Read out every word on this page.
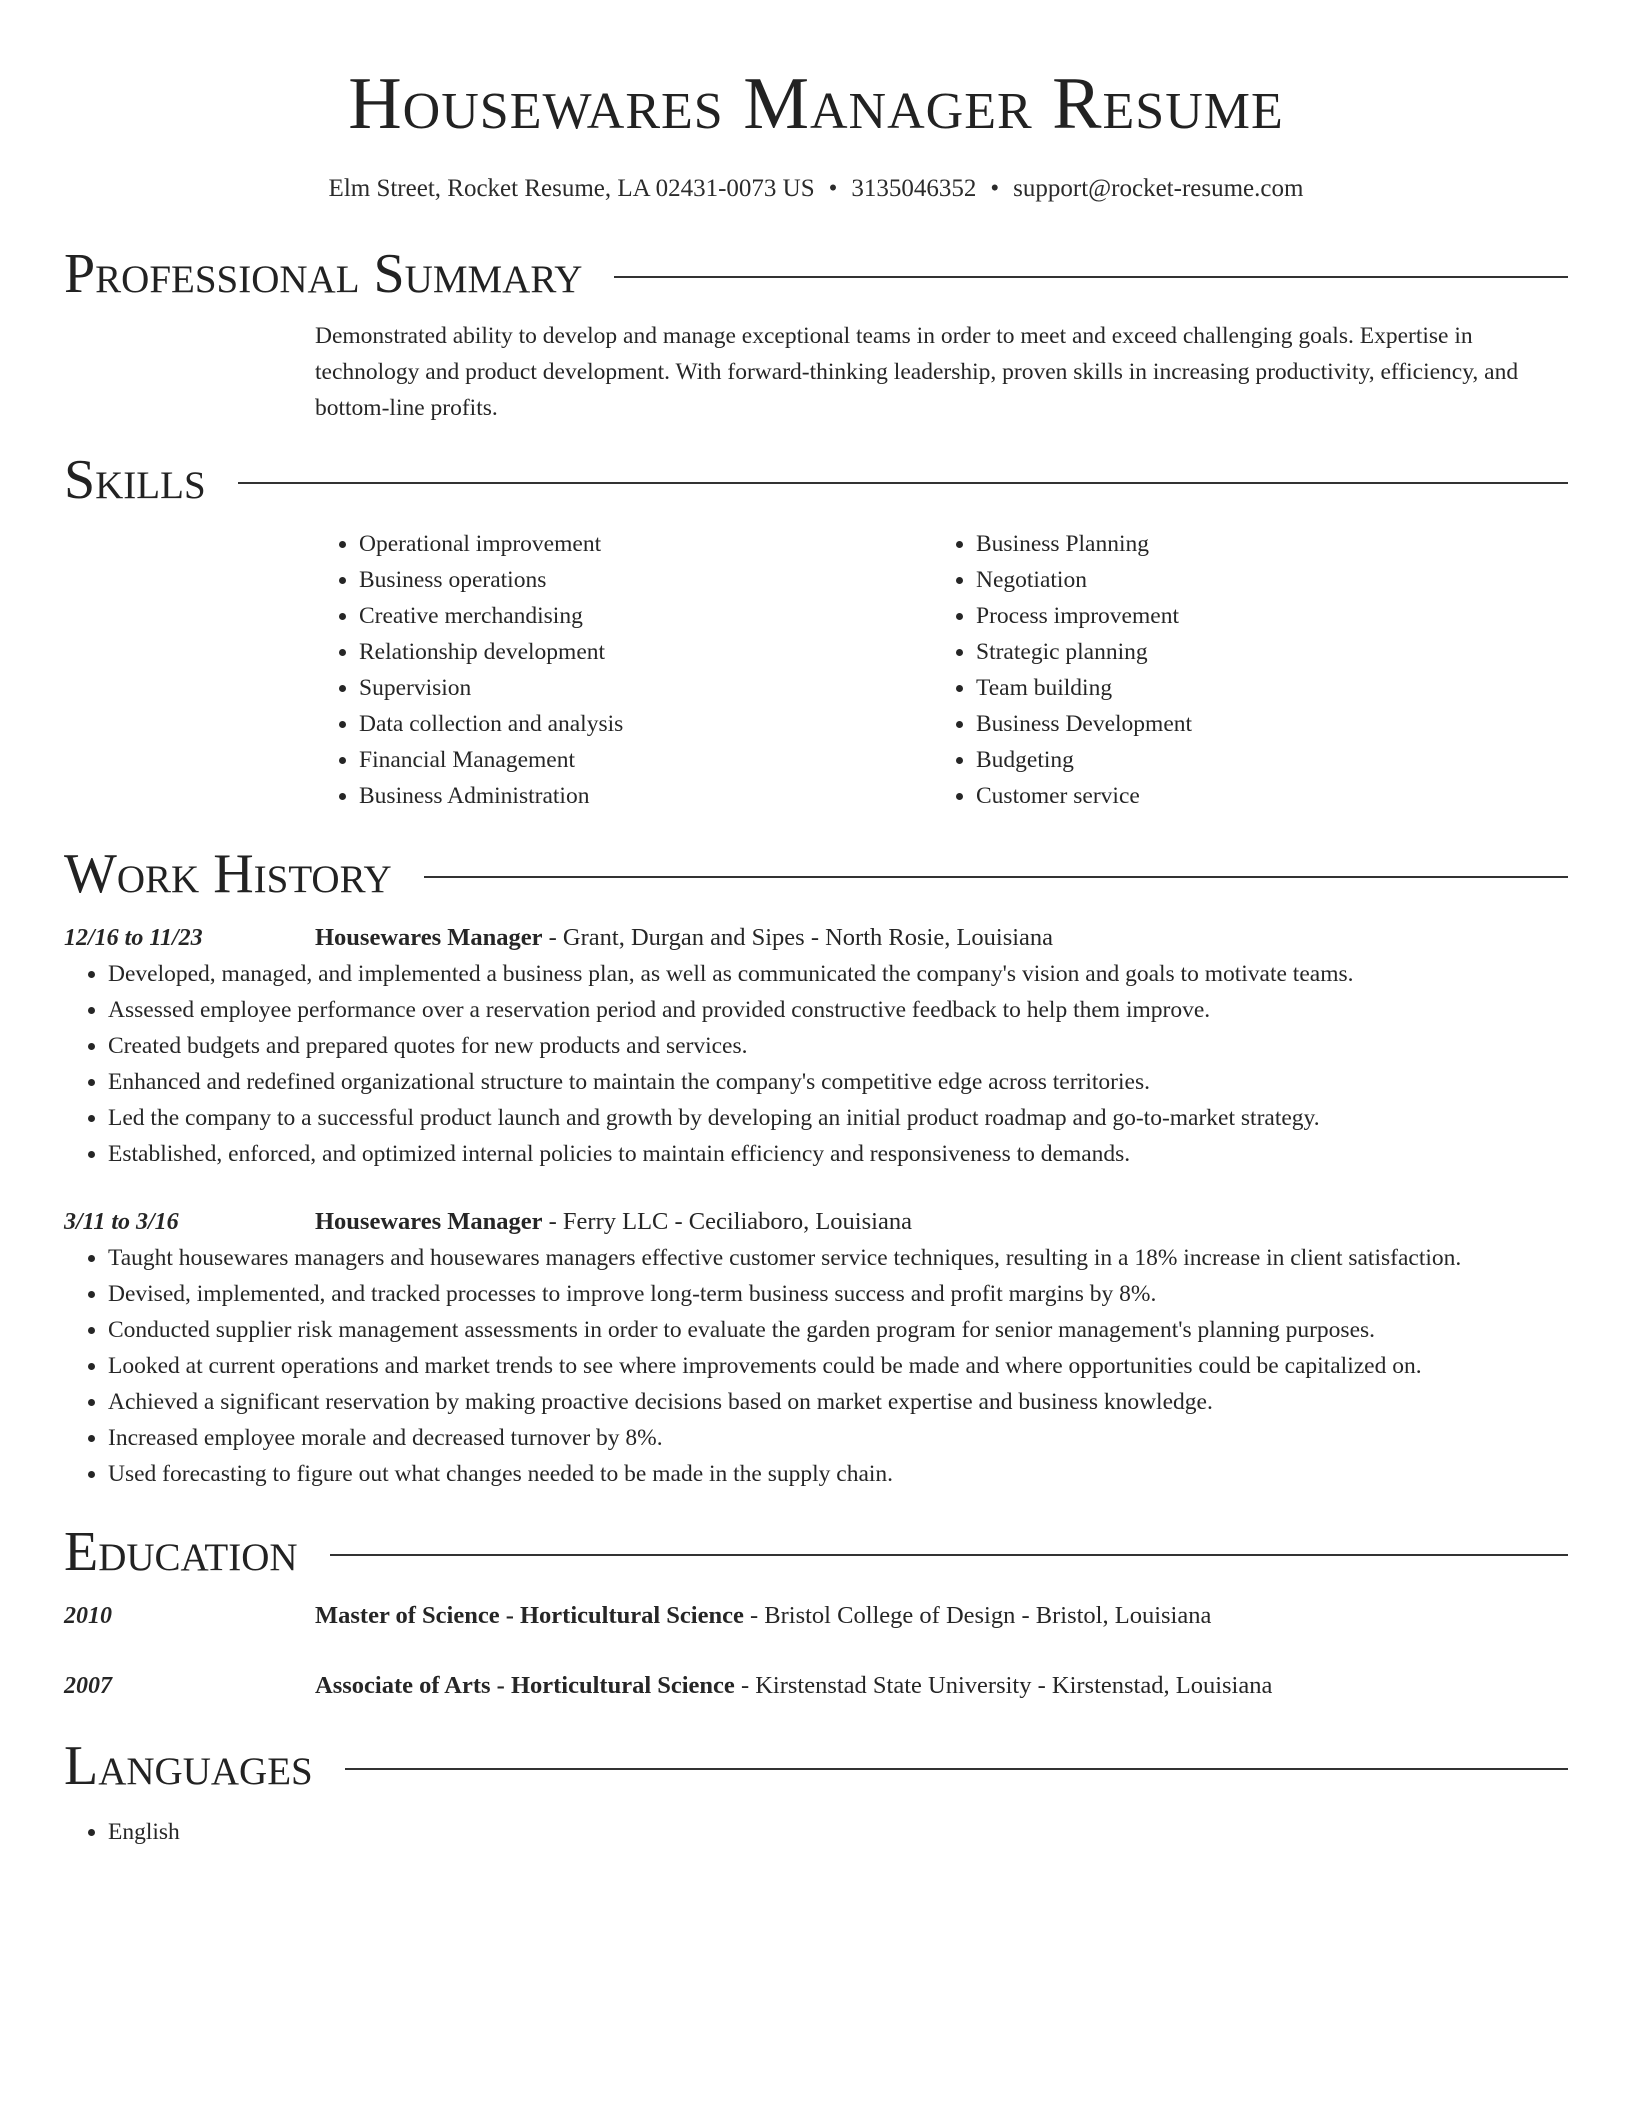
Housewares Manager Resume
Elm Street, Rocket Resume, LA 02431-0073 US • 3135046352 • support@rocket-resume.com
Professional Summary
Demonstrated ability to develop and manage exceptional teams in order to meet and exceed challenging goals. Expertise in technology and product development. With forward-thinking leadership, proven skills in increasing productivity, efficiency, and bottom-line profits.
Skills
• Operational improvement
• Business operations
• Creative merchandising
• Relationship development
• Supervision
• Data collection and analysis
• Financial Management
• Business Administration
• Business Planning
• Negotiation
• Process improvement
• Strategic planning
• Team building
• Business Development
• Budgeting
• Customer service
Work History
12/16 to 11/23	Housewares Manager - Grant, Durgan and Sipes - North Rosie, Louisiana
• Developed, managed, and implemented a business plan, as well as communicated the company's vision and goals to motivate teams.
• Assessed employee performance over a reservation period and provided constructive feedback to help them improve.
• Created budgets and prepared quotes for new products and services.
• Enhanced and redefined organizational structure to maintain the company's competitive edge across territories.
• Led the company to a successful product launch and growth by developing an initial product roadmap and go-to-market strategy.
• Established, enforced, and optimized internal policies to maintain efficiency and responsiveness to demands.
3/11 to 3/16	Housewares Manager - Ferry LLC - Ceciliaboro, Louisiana
• Taught housewares managers and housewares managers effective customer service techniques, resulting in a 18% increase in client satisfaction.
• Devised, implemented, and tracked processes to improve long-term business success and profit margins by 8%.
• Conducted supplier risk management assessments in order to evaluate the garden program for senior management's planning purposes.
• Looked at current operations and market trends to see where improvements could be made and where opportunities could be capitalized on.
• Achieved a significant reservation by making proactive decisions based on market expertise and business knowledge.
• Increased employee morale and decreased turnover by 8%.
• Used forecasting to figure out what changes needed to be made in the supply chain.
Education
2010	Master of Science - Horticultural Science - Bristol College of Design - Bristol, Louisiana
2007	Associate of Arts - Horticultural Science - Kirstenstad State University - Kirstenstad, Louisiana
Languages
• English
